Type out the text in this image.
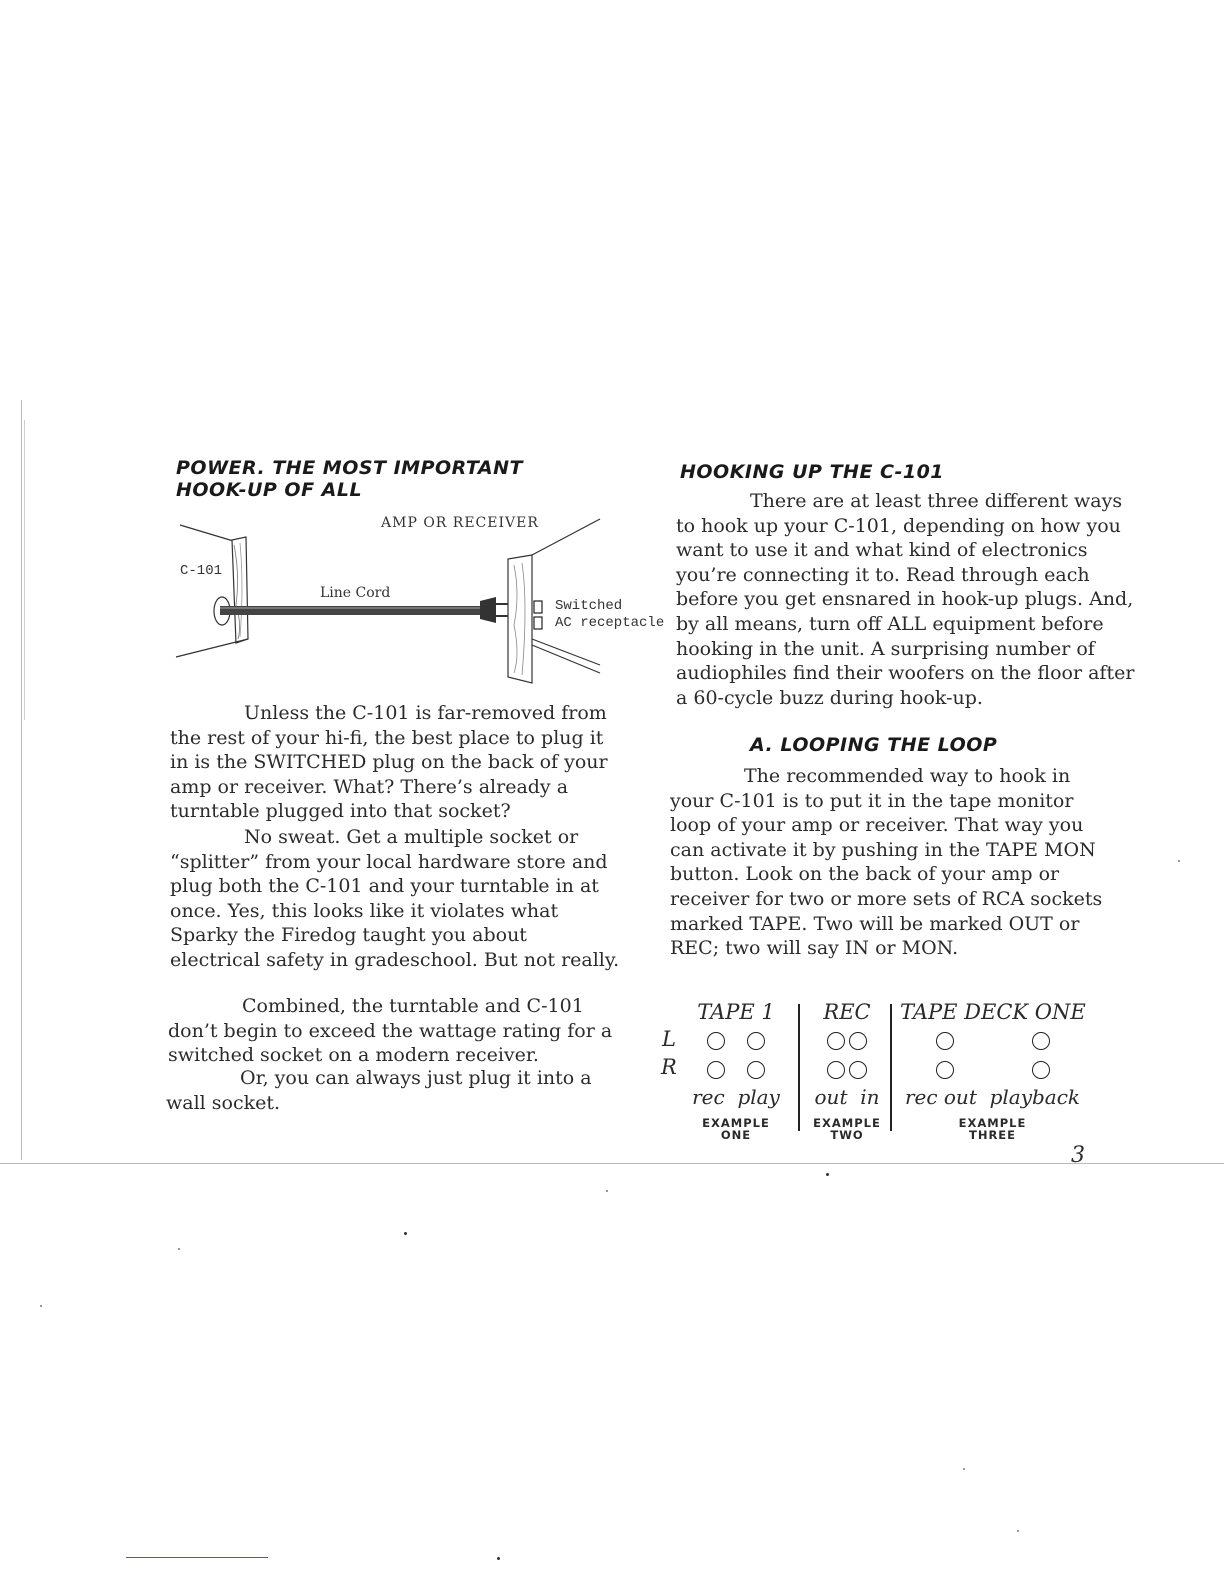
POWER. THE MOST IMPORTANT
HOOK-UP OF ALL
AMP OR RECEIVER
C-101
Line Cord
Switched
AC receptacle

Unless the C-101 is far-removed from the rest of your hi-fi, the best place to plug it in is the SWITCHED plug on the back of your amp or receiver. What? There’s already a turntable plugged into that socket?

No sweat. Get a multiple socket or “splitter” from your local hardware store and plug both the C-101 and your turntable in at once. Yes, this looks like it violates what Sparky the Firedog taught you about electrical safety in gradeschool. But not really.

Combined, the turntable and C-101 don’t begin to exceed the wattage rating for a switched socket on a modern receiver.

Or, you can always just plug it into a wall socket.

HOOKING UP THE C-101

There are at least three different ways to hook up your C-101, depending on how you want to use it and what kind of electronics you’re connecting it to. Read through each before you get ensnared in hook-up plugs. And, by all means, turn off ALL equipment before hooking in the unit. A surprising number of audiophiles find their woofers on the floor after a 60-cycle buzz during hook-up.

A. LOOPING THE LOOP

The recommended way to hook in your C-101 is to put it in the tape monitor loop of your amp or receiver. That way you can activate it by pushing in the TAPE MON button. Look on the back of your amp or receiver for two or more sets of RCA sockets marked TAPE. Two will be marked OUT or REC; two will say IN or MON.

L
R
TAPE 1
rec  play
EXAMPLE
ONE
REC
out  in
EXAMPLE
TWO
TAPE DECK ONE
rec out  playback
EXAMPLE
THREE
3
